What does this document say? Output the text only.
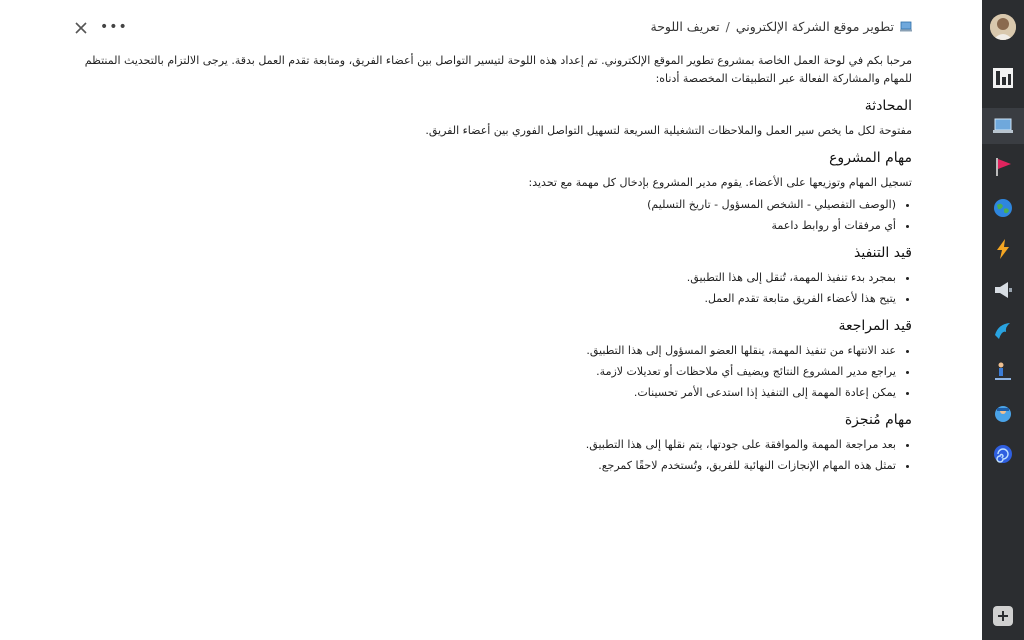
•••	تطوير موقع الشركة الإلكتروني
/
تعريف اللوحة

مرحبا بكم في لوحة العمل الخاصة بمشروع تطوير الموقع الإلكتروني. تم إعداد هذه اللوحة لتيسير التواصل بين أعضاء الفريق، ومتابعة تقدم العمل بدقة. يرجى الالتزام بالتحديث المنتظم للمهام والمشاركة الفعالة عبر التطبيقات المخصصة أدناه:

المحادثة

مفتوحة لكل ما يخص سير العمل والملاحظات التشغيلية السريعة لتسهيل التواصل الفوري بين أعضاء الفريق.

مهام المشروع

تسجيل المهام وتوزيعها على الأعضاء. يقوم مدير المشروع بإدخال كل مهمة مع تحديد:

• (الوصف التفصيلي - الشخص المسؤول - تاريخ التسليم)
• أي مرفقات أو روابط داعمة
قيد التنفيذ
• بمجرد بدء تنفيذ المهمة، تُنقل إلى هذا التطبيق.
• يتيح هذا لأعضاء الفريق متابعة تقدم العمل.
قيد المراجعة
• عند الانتهاء من تنفيذ المهمة، ينقلها العضو المسؤول إلى هذا التطبيق.
• يراجع مدير المشروع النتائج ويضيف أي ملاحظات أو تعديلات لازمة.
• يمكن إعادة المهمة إلى التنفيذ إذا استدعى الأمر تحسينات.
مهام مُنجزة
• بعد مراجعة المهمة والموافقة على جودتها، يتم نقلها إلى هذا التطبيق.
• تمثل هذه المهام الإنجازات النهائية للفريق، وتُستخدم لاحقًا كمرجع.
